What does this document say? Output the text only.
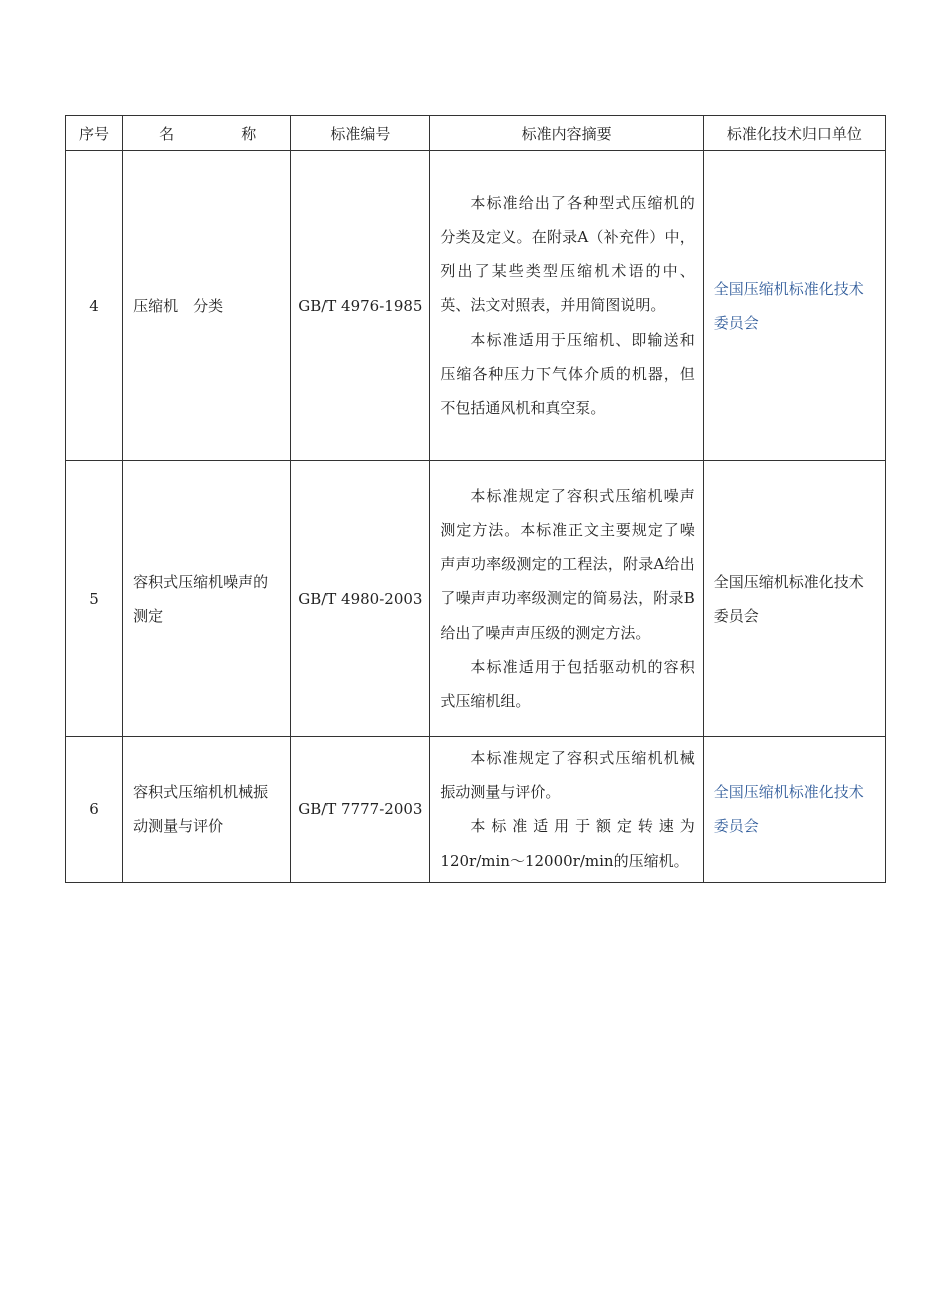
序号	名 称	标准编号	标准内容摘要	标准化技术归口单位
4	压缩机　分类	GB/T 4976-1985	本标准给出了各种型式压缩机的分类及定义。在附录A（补充件）中，列出了某些类型压缩机术语的中、英、法文对照表，并用简图说明。

本标准适用于压缩机、即输送和压缩各种压力下气体介质的机器，但不包括通风机和真空泵。	全国压缩机标准化技术委员会
5	容积式压缩机噪声的测定	GB/T 4980-2003	本标准规定了容积式压缩机噪声测定方法。本标准正文主要规定了噪声声功率级测定的工程法，附录A给出了噪声声功率级测定的简易法，附录B给出了噪声声压级的测定方法。

本标准适用于包括驱动机的容积式压缩机组。	全国压缩机标准化技术委员会
6	容积式压缩机机械振动测量与评价	GB/T 7777-2003	本标准规定了容积式压缩机机械振动测量与评价。

本标准适用于额定转速为120r/min～12000r/min的压缩机。	全国压缩机标准化技术委员会
